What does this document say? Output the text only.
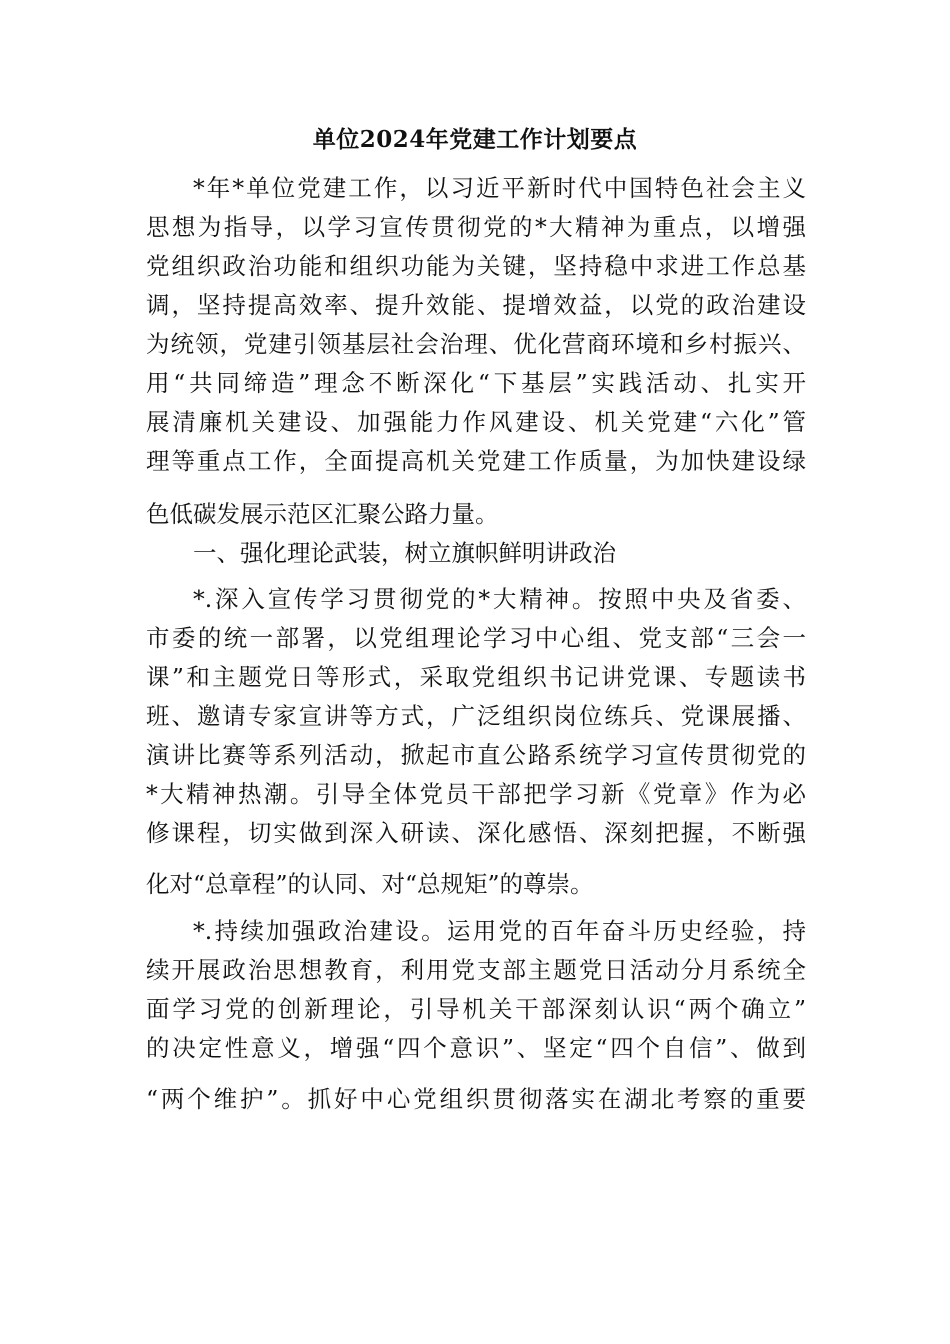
单位2024年党建工作计划要点
*年*单位党建工作，以习近平新时代中国特色社会主义
思想为指导，以学习宣传贯彻党的*大精神为重点，以增强
党组织政治功能和组织功能为关键，坚持稳中求进工作总基
调，坚持提高效率、提升效能、提增效益，以党的政治建设
为统领，党建引领基层社会治理、优化营商环境和乡村振兴、
用“共同缔造”理念不断深化“下基层”实践活动、扎实开
展清廉机关建设、加强能力作风建设、机关党建“六化”管
理等重点工作，全面提高机关党建工作质量，为加快建设绿
色低碳发展示范区汇聚公路力量。
一、强化理论武装，树立旗帜鲜明讲政治
*.深入宣传学习贯彻党的*大精神。按照中央及省委、
市委的统一部署，以党组理论学习中心组、党支部“三会一
课”和主题党日等形式，采取党组织书记讲党课、专题读书
班、邀请专家宣讲等方式，广泛组织岗位练兵、党课展播、
演讲比赛等系列活动，掀起市直公路系统学习宣传贯彻党的
*大精神热潮。引导全体党员干部把学习新《党章》作为必
修课程，切实做到深入研读、深化感悟、深刻把握，不断强
化对“总章程”的认同、对“总规矩”的尊崇。
*.持续加强政治建设。运用党的百年奋斗历史经验，持
续开展政治思想教育，利用党支部主题党日活动分月系统全
面学习党的创新理论，引导机关干部深刻认识“两个确立”
的决定性意义，增强“四个意识”、坚定“四个自信”、做到
“两个维护”。抓好中心党组织贯彻落实在湖北考察的重要
